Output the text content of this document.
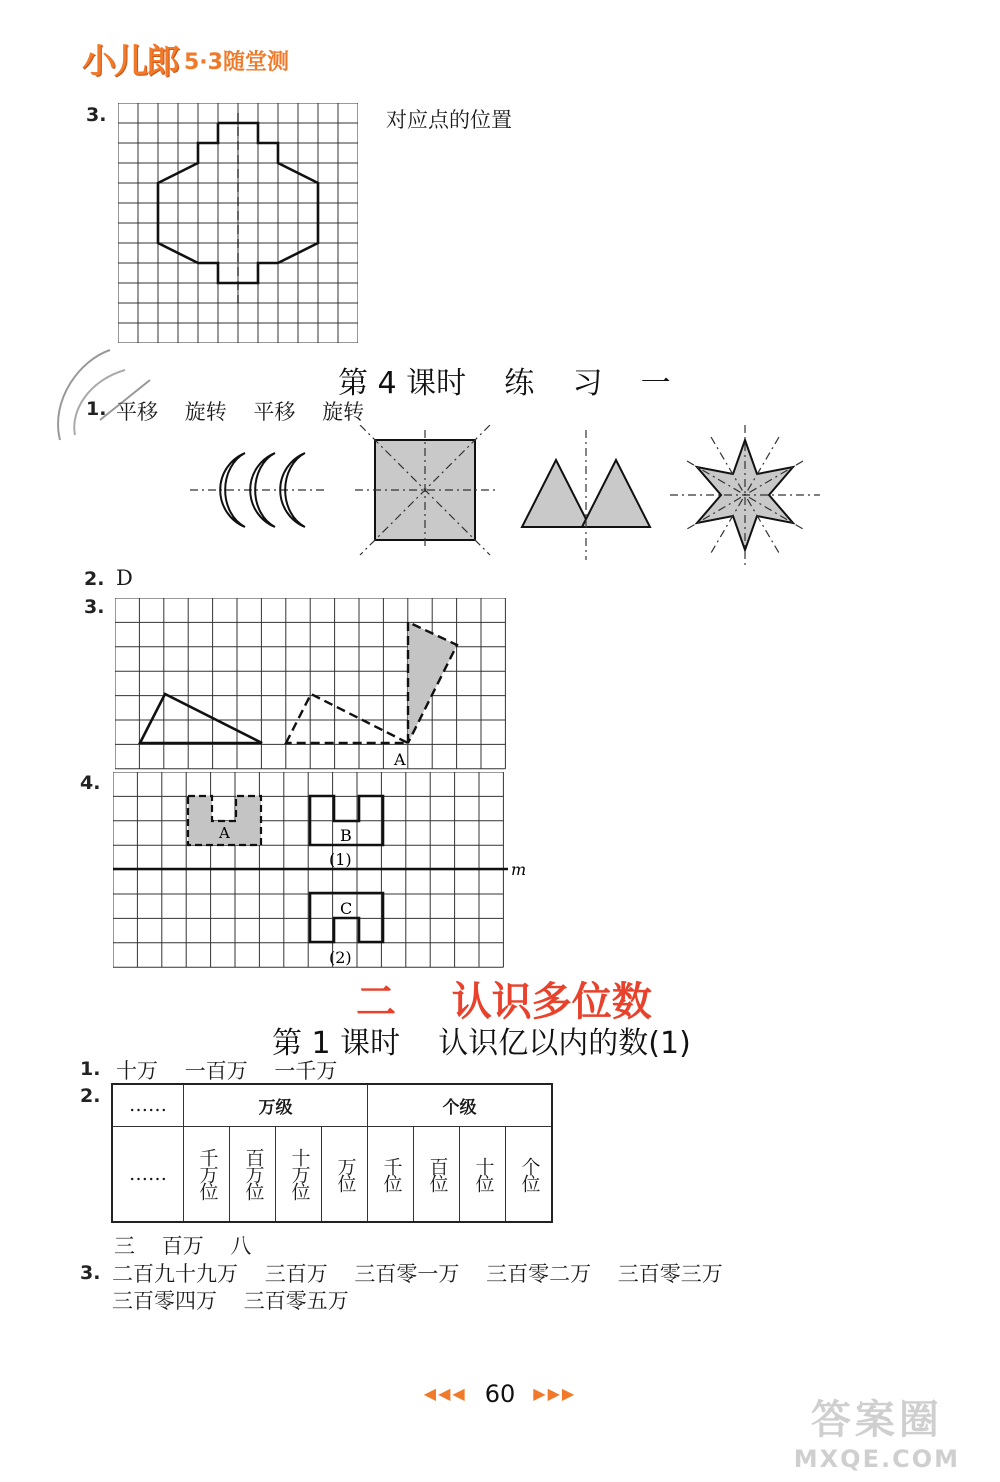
小儿郎 5·3随堂测
3.	对应点的位置
第 4 课时    练    习    一
1. 平移    旋转    平移    旋转
2. D
3.
A
4.
m
A	B
(1)
C
(2)
二    认识多位数
第 1 课时    认识亿以内的数(1)
1. 十万    一百万    一千万
2. ……	万级				个级			
……	千万位	百万位	十万位	万位	千位	百位	十位	个位
三    百万    八
3. 二百九十九万    三百万    三百零一万    三百零二万    三百零三万
三百零四万    三百零五万
◀◀◀ 60 ▶▶▶
答案圈
MXQE.COM
